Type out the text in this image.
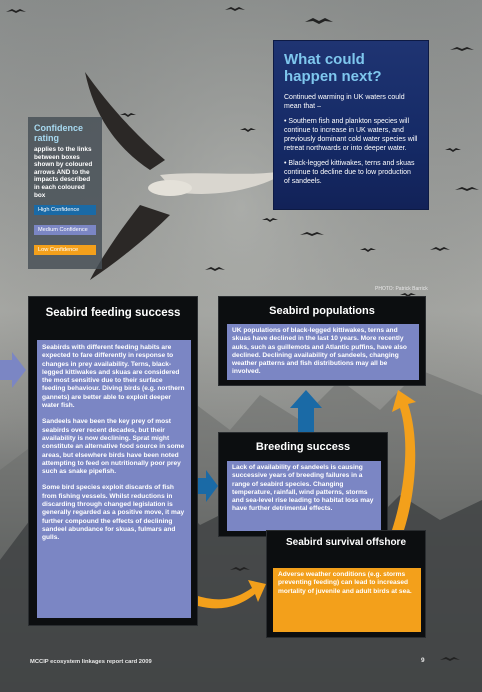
What could happen next?

Continued warming in UK waters could mean that –

• Southern fish and plankton species will continue to increase in UK waters, and previously dominant cold water species will retreat northwards or into deeper water.
• Black-legged kittiwakes, terns and skuas continue to decline due to low production of sandeels.
Confidence rating
applies to the links between boxes shown by coloured arrows AND to the impacts described in each coloured box
High Confidence
Medium Confidence
Low Confidence
PHOTO: Patrick Barrick
Seabird feeding success

Seabirds with different feeding habits are expected to fare differently in response to changes in prey availability. Terns, black-legged kittiwakes and skuas are considered the most sensitive due to their surface feeding behaviour. Diving birds (e.g. northern gannets) are better able to exploit deeper water fish.

Sandeels have been the key prey of most seabirds over recent decades, but their availability is now declining. Sprat might constitute an alternative food source in some areas, but elsewhere birds have been noted attempting to feed on nutritionally poor prey such as snake pipefish.

Some bird species exploit discards of fish from fishing vessels. Whilst reductions in discarding through changed legislation is generally regarded as a positive move, it may further compound the effects of declining sandeel abundance for skuas, fulmars and gulls.

Seabird populations
UK populations of black-legged kittiwakes, terns and skuas have declined in the last 10 years. More recently auks, such as guillemots and Atlantic puffins, have also declined. Declining availability of sandeels, changing weather patterns and fish distributions may all be involved.
Breeding success
Lack of availability of sandeels is causing successive years of breeding failures in a range of seabird species. Changing temperature, rainfall, wind patterns, storms and sea-level rise leading to habitat loss may have further detrimental effects.
Seabird survival offshore
Adverse weather conditions (e.g. storms preventing feeding) can lead to increased mortality of juvenile and adult birds at sea.
MCCIP ecosystem linkages report card 2009	9
